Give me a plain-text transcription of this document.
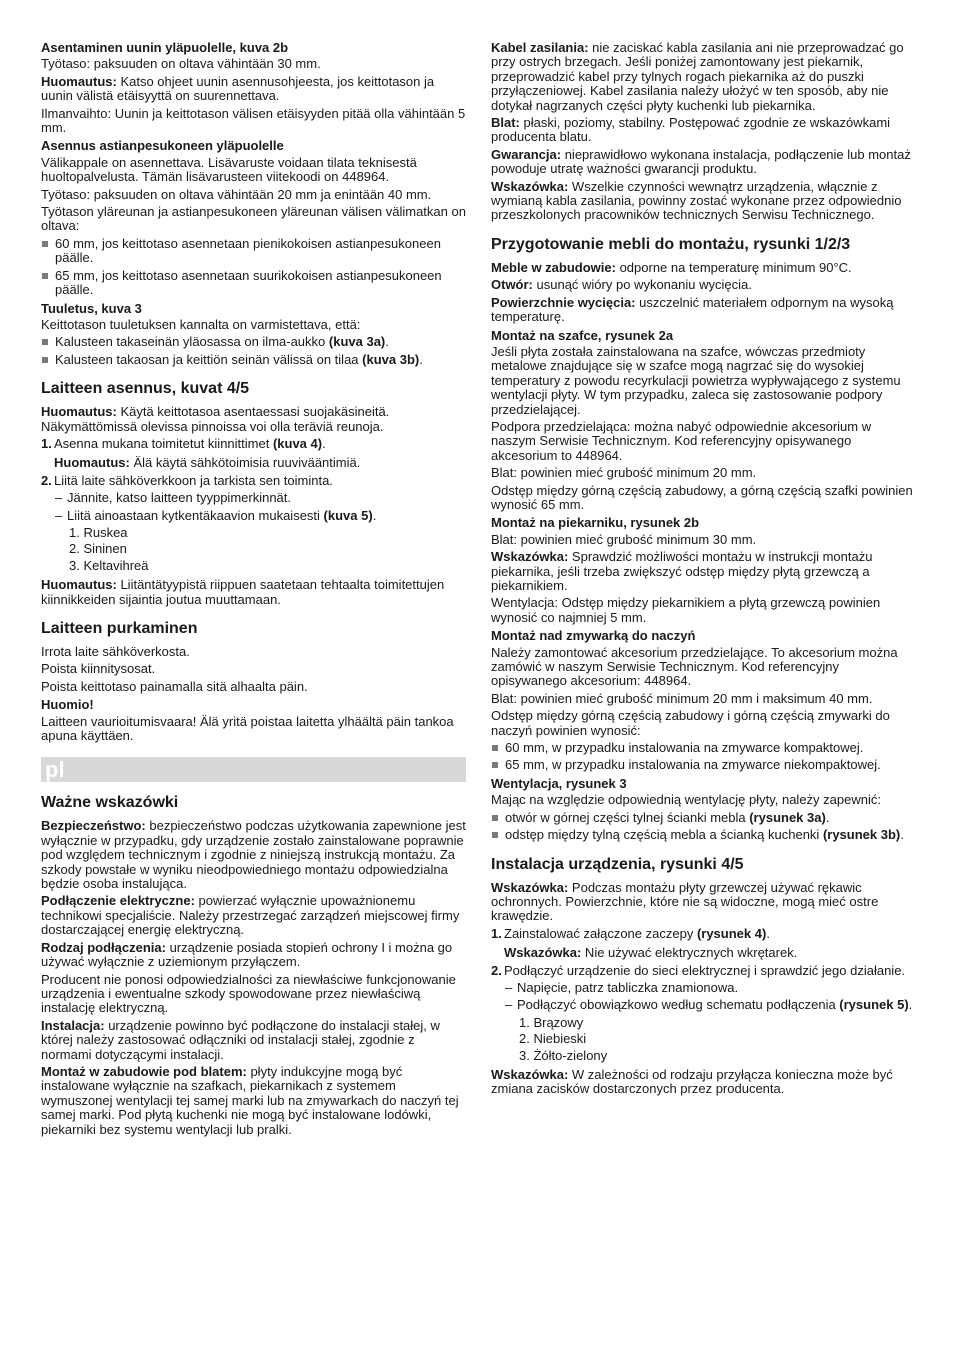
Asentaminen uunin yläpuolelle, kuva 2b

Työtaso: paksuuden on oltava vähintään 30 mm.

Huomautus: Katso ohjeet uunin asennusohjeesta, jos keittotason ja uunin välistä etäisyyttä on suurennettava.

Ilmanvaihto: Uunin ja keittotason välisen etäisyyden pitää olla vähintään 5 mm.

Asennus astianpesukoneen yläpuolelle

Välikappale on asennettava. Lisävaruste voidaan tilata teknisestä huoltopalvelusta. Tämän lisävarusteen viitekoodi on 448964.

Työtaso: paksuuden on oltava vähintään 20 mm ja enintään 40 mm.

Työtason yläreunan ja astianpesukoneen yläreunan välisen välimatkan on oltava:

60 mm, jos keittotaso asennetaan pienikokoisen astianpesukoneen päälle.

65 mm, jos keittotaso asennetaan suurikokoisen astianpesukoneen päälle.

Tuuletus, kuva 3

Keittotason tuuletuksen kannalta on varmistettava, että:

Kalusteen takaseinän yläosassa on ilma-aukko (kuva 3a).

Kalusteen takaosan ja keittiön seinän välissä on tilaa (kuva 3b).

Laitteen asennus, kuvat 4/5

Huomautus: Käytä keittotasoa asentaessasi suojakäsineitä. Näkymättömissä olevissa pinnoissa voi olla teräviä reunoja.

1. Asenna mukana toimitetut kiinnittimet (kuva 4).

Huomautus: Älä käytä sähkötoimisia ruuvivääntimiä.

2. Liitä laite sähköverkkoon ja tarkista sen toiminta.

– Jännite, katso laitteen tyyppimerkinnät.

– Liitä ainoastaan kytkentäkaavion mukaisesti (kuva 5).

1. Ruskea

2. Sininen

3. Keltavihreä

Huomautus: Liitäntätyypistä riippuen saatetaan tehtaalta toimitettujen kiinnikkeiden sijaintia joutua muuttamaan.

Laitteen purkaminen

Irrota laite sähköverkosta.

Poista kiinnitysosat.

Poista keittotaso painamalla sitä alhaalta päin.

Huomio!

Laitteen vaurioitumisvaara! Älä yritä poistaa laitetta ylhäältä päin tankoa apuna käyttäen.

pl
Ważne wskazówki

Bezpieczeństwo: bezpieczeństwo podczas użytkowania zapewnione jest wyłącznie w przypadku, gdy urządzenie zostało zainstalowane poprawnie pod względem technicznym i zgodnie z niniejszą instrukcją montażu. Za szkody powstałe w wyniku nieodpowiedniego montażu odpowiedzialna będzie osoba instalująca.

Podłączenie elektryczne: powierzać wyłącznie upoważnionemu technikowi specjaliście. Należy przestrzegać zarządzeń miejscowej firmy dostarczającej energię elektryczną.

Rodzaj podłączenia: urządzenie posiada stopień ochrony I i można go używać wyłącznie z uziemionym przyłączem.

Producent nie ponosi odpowiedzialności za niewłaściwe funkcjonowanie urządzenia i ewentualne szkody spowodowane przez niewłaściwą instalację elektryczną.

Instalacja: urządzenie powinno być podłączone do instalacji stałej, w której należy zastosować odłączniki od instalacji stałej, zgodnie z normami dotyczącymi instalacji.

Montaż w zabudowie pod blatem: płyty indukcyjne mogą być instalowane wyłącznie na szafkach, piekarnikach z systemem wymuszonej wentylacji tej samej marki lub na zmywarkach do naczyń tej samej marki. Pod płytą kuchenki nie mogą być instalowane lodówki, piekarniki bez systemu wentylacji lub pralki.

Kabel zasilania: nie zaciskać kabla zasilania ani nie przeprowadzać go przy ostrych brzegach. Jeśli poniżej zamontowany jest piekarnik, przeprowadzić kabel przy tylnych rogach piekarnika aż do puszki przyłączeniowej. Kabel zasilania należy ułożyć w ten sposób, aby nie dotykał nagrzanych części płyty kuchenki lub piekarnika.

Blat: płaski, poziomy, stabilny. Postępować zgodnie ze wskazówkami producenta blatu.

Gwarancja: nieprawidłowo wykonana instalacja, podłączenie lub montaż powoduje utratę ważności gwarancji produktu.

Wskazówka: Wszelkie czynności wewnątrz urządzenia, włącznie z wymianą kabla zasilania, powinny zostać wykonane przez odpowiednio przeszkolonych pracowników technicznych Serwisu Technicznego.

Przygotowanie mebli do montażu, rysunki 1/2/3

Meble w zabudowie: odporne na temperaturę minimum 90°C.

Otwór: usunąć wióry po wykonaniu wycięcia.

Powierzchnie wycięcia: uszczelnić materiałem odpornym na wysoką temperaturę.

Montaż na szafce, rysunek 2a

Jeśli płyta została zainstalowana na szafce, wówczas przedmioty metalowe znajdujące się w szafce mogą nagrzać się do wysokiej temperatury z powodu recyrkulacji powietrza wypływającego z systemu wentylacji płyty. W tym przypadku, zaleca się zastosowanie podpory przedzielającej.

Podpora przedzielająca: można nabyć odpowiednie akcesorium w naszym Serwisie Technicznym. Kod referencyjny opisywanego akcesorium to 448964.

Blat: powinien mieć grubość minimum 20 mm.

Odstęp między górną częścią zabudowy, a górną częścią szafki powinien wynosić 65 mm.

Montaż na piekarniku, rysunek 2b

Blat: powinien mieć grubość minimum 30 mm.

Wskazówka: Sprawdzić możliwości montażu w instrukcji montażu piekarnika, jeśli trzeba zwiększyć odstęp między płytą grzewczą a piekarnikiem.

Wentylacja: Odstęp między piekarnikiem a płytą grzewczą powinien wynosić co najmniej 5 mm.

Montaż nad zmywarką do naczyń

Należy zamontować akcesorium przedzielające. To akcesorium można zamówić w naszym Serwisie Technicznym. Kod referencyjny opisywanego akcesorium: 448964.

Blat: powinien mieć grubość minimum 20 mm i maksimum 40 mm.

Odstęp między górną częścią zabudowy i górną częścią zmywarki do naczyń powinien wynosić:

60 mm, w przypadku instalowania na zmywarce kompaktowej.

65 mm, w przypadku instalowania na zmywarce niekompaktowej.

Wentylacja, rysunek 3

Mając na względzie odpowiednią wentylację płyty, należy zapewnić:

otwór w górnej części tylnej ścianki mebla (rysunek 3a).

odstęp między tylną częścią mebla a ścianką kuchenki (rysunek 3b).

Instalacja urządzenia, rysunki 4/5

Wskazówka: Podczas montażu płyty grzewczej używać rękawic ochronnych. Powierzchnie, które nie są widoczne, mogą mieć ostre krawędzie.

1. Zainstalować załączone zaczepy (rysunek 4).

Wskazówka: Nie używać elektrycznych wkrętarek.

2. Podłączyć urządzenie do sieci elektrycznej i sprawdzić jego działanie.

– Napięcie, patrz tabliczka znamionowa.

– Podłączyć obowiązkowo według schematu podłączenia (rysunek 5).

1. Brązowy

2. Niebieski

3. Żółto-zielony

Wskazówka: W zależności od rodzaju przyłącza konieczna może być zmiana zacisków dostarczonych przez producenta.
